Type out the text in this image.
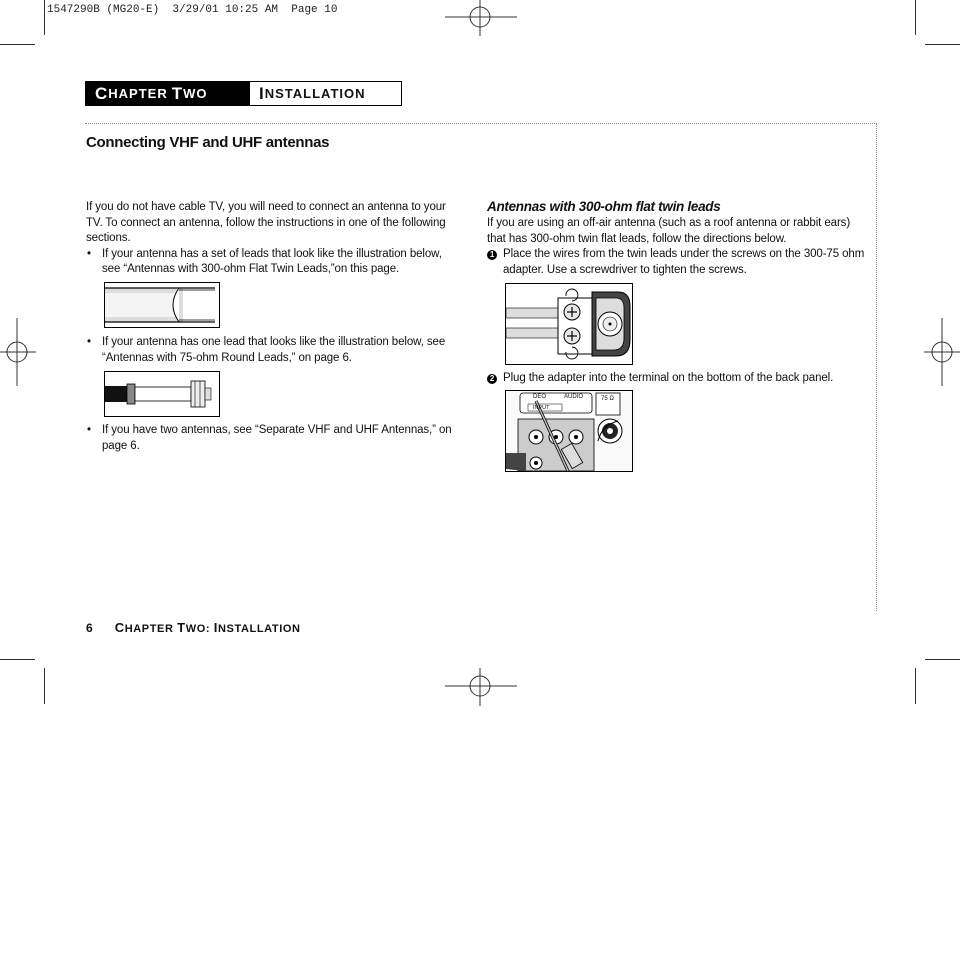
1547290B (MG20-E)  3/29/01 10:25 AM  Page 10
C HAPTER T WO	I NSTALLATION
Connecting VHF and UHF antennas
If you do not have cable TV, you will need to connect an antenna to your TV. To connect an antenna, follow the instructions in one of the following sections.
• If your antenna has a set of leads that look like the illustration below, see “Antennas with 300-ohm Flat Twin Leads,”on this page.
• If your antenna has one lead that looks like the illustration below, see “Antennas with 75-ohm Round Leads,” on page 6.
• If you have two antennas, see “Separate VHF and UHF Antennas,” on page 6.
Antennas with 300-ohm flat twin leads
If you are using an off-air antenna (such as a roof antenna or rabbit ears) that has 300-ohm twin flat leads, follow the directions below.
1 Place the wires from the twin leads under the screws on the 300-75 ohm adapter. Use a screwdriver to tighten the screws.
2 Plug the adapter into the terminal on the bottom of the back panel.
DEO	AUDIO
INPUT
75 Ω
6 CHAPTER TWO: INSTALLATION
